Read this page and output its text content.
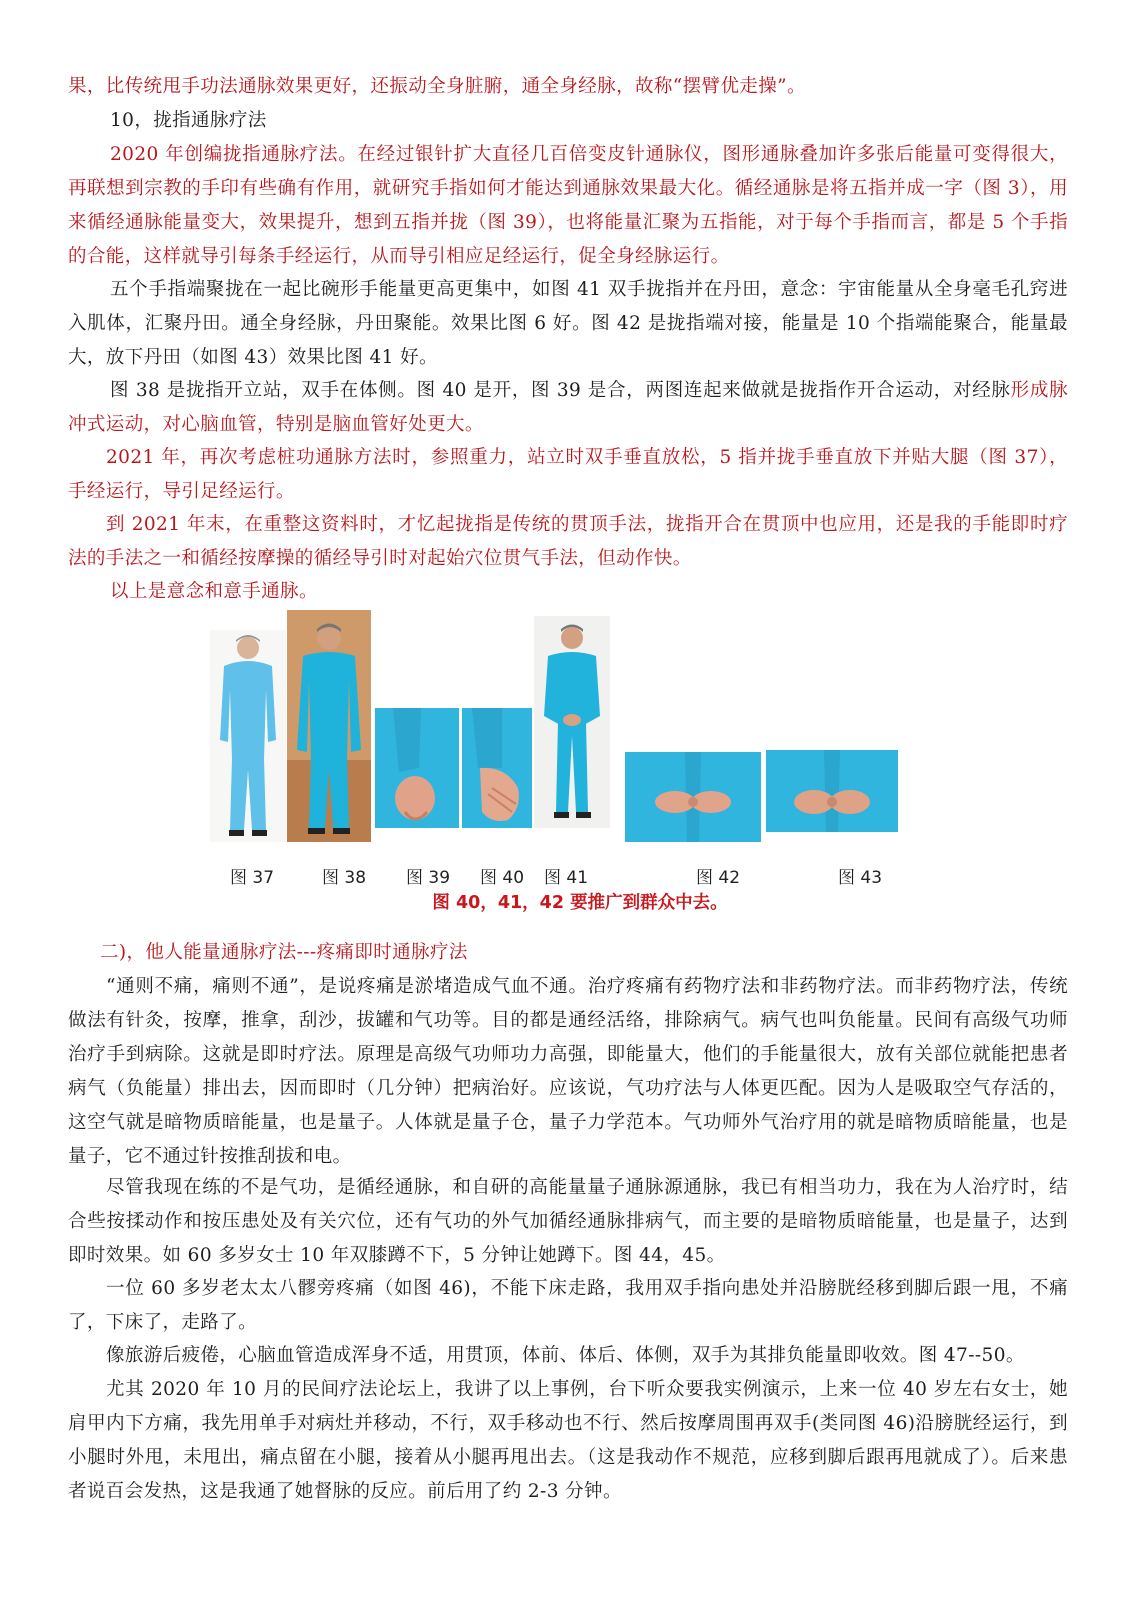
果，比传统甩手功法通脉效果更好，还振动全身脏腑，通全身经脉，故称“摆臂优走操”。

10，拢指通脉疗法

2020 年创编拢指通脉疗法。在经过银针扩大直径几百倍变皮针通脉仪，图形通脉叠加许多张后能量可变得很大，再联想到宗教的手印有些确有作用，就研究手指如何才能达到通脉效果最大化。循经通脉是将五指并成一字（图 3），用来循经通脉能量变大，效果提升，想到五指并拢（图 39），也将能量汇聚为五指能，对于每个手指而言，都是 5 个手指的合能，这样就导引每条手经运行，从而导引相应足经运行，促全身经脉运行。

五个手指端聚拢在一起比碗形手能量更高更集中，如图 41 双手拢指并在丹田，意念：宇宙能量从全身毫毛孔窍进入肌体，汇聚丹田。通全身经脉，丹田聚能。效果比图 6 好。图 42 是拢指端对接，能量是 10 个指端能聚合，能量最大，放下丹田（如图 43）效果比图 41 好。

图 38 是拢指开立站，双手在体侧。图 40 是开，图 39 是合，两图连起来做就是拢指作开合运动，对经脉形成脉冲式运动，对心脑血管，特别是脑血管好处更大。

2021 年，再次考虑桩功通脉方法时，参照重力，站立时双手垂直放松，5 指并拢手垂直放下并贴大腿（图 37），手经运行，导引足经运行。

到 2021 年末，在重整这资料时，才忆起拢指是传统的贯顶手法，拢指开合在贯顶中也应用，还是我的手能即时疗法的手法之一和循经按摩操的循经导引时对起始穴位贯气手法，但动作快。

以上是意念和意手通脉。

图 37	图 38 图 39 图 40 图 41	图 42	图 43
图 40，41，42 要推广到群众中去。

二)，他人能量通脉疗法---疼痛即时通脉疗法

“通则不痛，痛则不通”，是说疼痛是淤堵造成气血不通。治疗疼痛有药物疗法和非药物疗法。而非药物疗法，传统做法有针灸，按摩，推拿，刮沙，拔罐和气功等。目的都是通经活络，排除病气。病气也叫负能量。民间有高级气功师治疗手到病除。这就是即时疗法。原理是高级气功师功力高强，即能量大，他们的手能量很大，放有关部位就能把患者病气（负能量）排出去，因而即时（几分钟）把病治好。应该说，气功疗法与人体更匹配。因为人是吸取空气存活的，这空气就是暗物质暗能量，也是量子。人体就是量子仓，量子力学范本。气功师外气治疗用的就是暗物质暗能量，也是量子，它不通过针按推刮拔和电。

尽管我现在练的不是气功，是循经通脉，和自研的高能量量子通脉源通脉，我已有相当功力，我在为人治疗时，结合些按揉动作和按压患处及有关穴位，还有气功的外气加循经通脉排病气，而主要的是暗物质暗能量，也是量子，达到即时效果。如 60 多岁女士 10 年双膝蹲不下，5 分钟让她蹲下。图 44，45。

一位 60 多岁老太太八髎旁疼痛（如图 46)，不能下床走路，我用双手指向患处并沿膀胱经移到脚后跟一甩，不痛了，下床了，走路了。

像旅游后疲倦，心脑血管造成浑身不适，用贯顶，体前、体后、体侧，双手为其排负能量即收效。图 47--50。

尤其 2020 年 10 月的民间疗法论坛上，我讲了以上事例，台下听众要我实例演示，上来一位 40 岁左右女士，她肩甲内下方痛，我先用单手对病灶并移动，不行，双手移动也不行、然后按摩周围再双手(类同图 46)沿膀胱经运行，到小腿时外甩，未甩出，痛点留在小腿，接着从小腿再甩出去。（这是我动作不规范，应移到脚后跟再甩就成了）。后来患者说百会发热，这是我通了她督脉的反应。前后用了约 2-3 分钟。
